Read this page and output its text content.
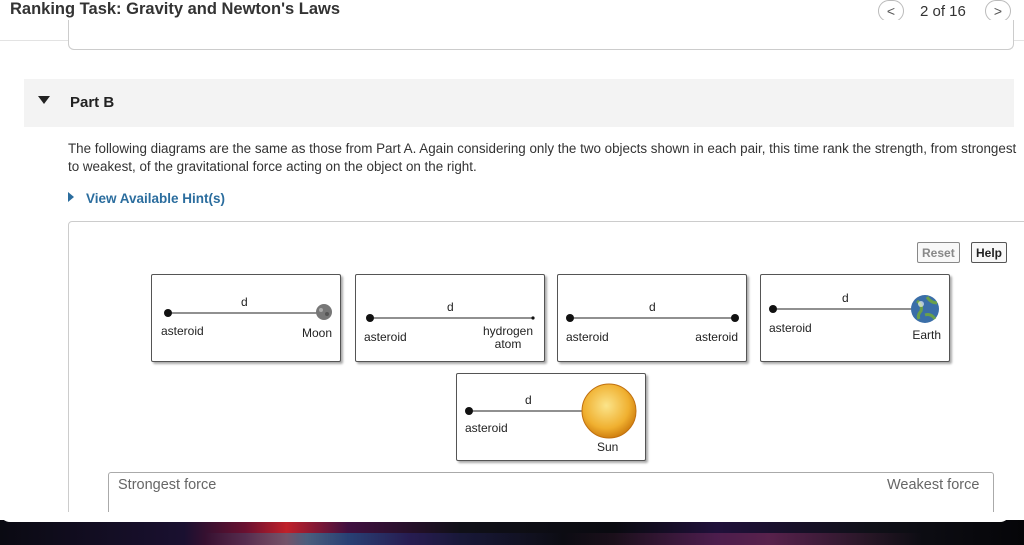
Ranking Task: Gravity and Newton's Laws	< 2 of 16 >
Part B
The following diagrams are the same as those from Part A. Again considering only the two objects shown in each pair, this time rank the strength, from strongest to weakest, of the gravitational force acting on the object on the right.
View Available Hint(s)
Reset	Help
d
asteroid	Moon
d
asteroid	hydrogen atom
d
asteroid	asteroid
d
asteroid	Earth
d
asteroid
Sun
Strongest force	Weakest force
